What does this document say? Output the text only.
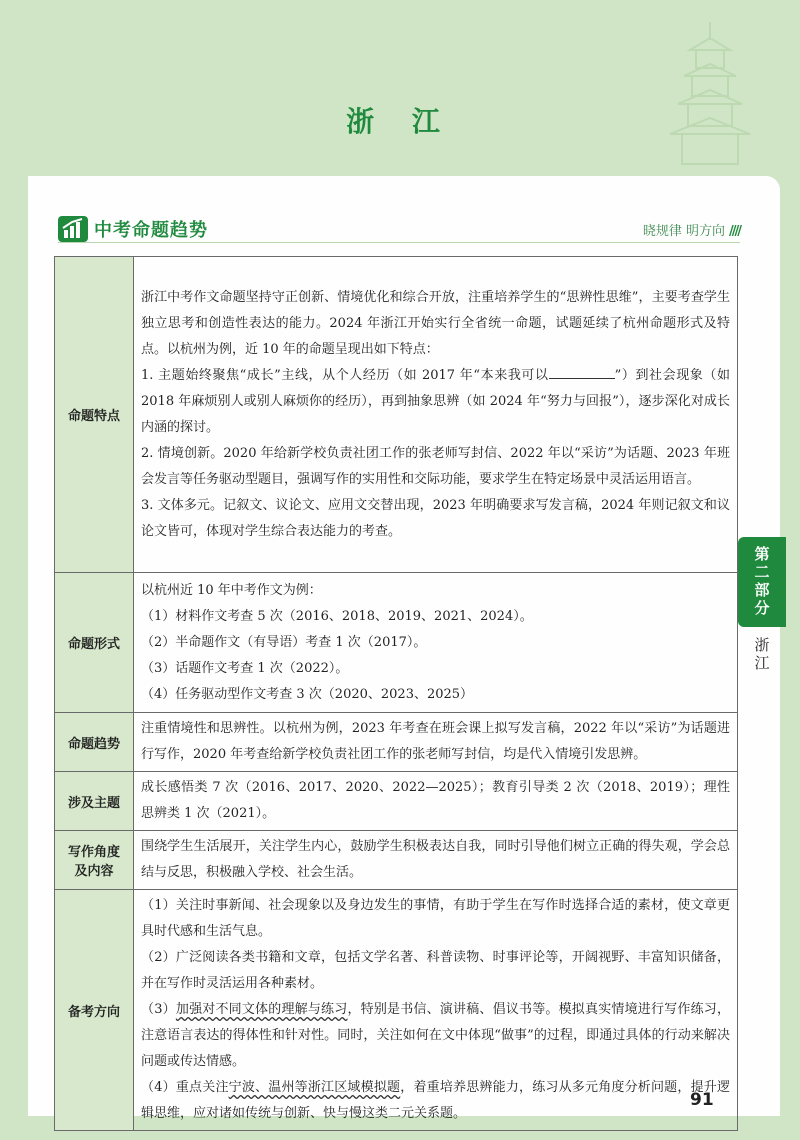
浙 江
中考命题趋势	晓规律 明方向 ////
命题特点	浙江中考作文命题坚持守正创新、情境优化和综合开放，注重培养学生的“思辨性思维”，主要考查学生独立思考和创造性表达的能力。2024 年浙江开始实行全省统一命题，试题延续了杭州命题形式及特点。以杭州为例，近 10 年的命题呈现出如下特点：

1. 主题始终聚焦“成长”主线，从个人经历（如 2017 年“本来我可以 ”）到社会现象（如 2018 年麻烦别人或别人麻烦你的经历），再到抽象思辨（如 2024 年“努力与回报”），逐步深化对成长内涵的探讨。

2. 情境创新。2020 年给新学校负责社团工作的张老师写封信、2022 年以“采访”为话题、2023 年班会发言等任务驱动型题目，强调写作的实用性和交际功能，要求学生在特定场景中灵活运用语言。

3. 文体多元。记叙文、议论文、应用文交替出现，2023 年明确要求写发言稿，2024 年则记叙文和议论文皆可，体现对学生综合表达能力的考查。

命题形式	以杭州近 10 年中考作文为例：

（1）材料作文考查 5 次（2016、2018、2019、2021、2024）。

（2）半命题作文（有导语）考查 1 次（2017）。

（3）话题作文考查 1 次（2022）。

（4）任务驱动型作文考查 3 次（2020、2023、2025）

命题趋势	注重情境性和思辨性。以杭州为例，2023 年考查在班会课上拟写发言稿，2022 年以“采访”为话题进行写作，2020 年考查给新学校负责社团工作的张老师写封信，均是代入情境引发思辨。

涉及主题	成长感悟类 7 次（2016、2017、2020、2022—2025）；教育引导类 2 次（2018、2019）；理性思辨类 1 次（2021）。

写作角度
及内容	围绕学生生活展开，关注学生内心，鼓励学生积极表达自我，同时引导他们树立正确的得失观，学会总结与反思，积极融入学校、社会生活。

备考方向	（1）关注时事新闻、社会现象以及身边发生的事情，有助于学生在写作时选择合适的素材，使文章更具时代感和生活气息。

（2）广泛阅读各类书籍和文章，包括文学名著、科普读物、时事评论等，开阔视野、丰富知识储备，并在写作时灵活运用各种素材。

（3）加强对不同文体的理解与练习，特别是书信、演讲稿、倡议书等。模拟真实情境进行写作练习，注意语言表达的得体性和针对性。同时，关注如何在文中体现“做事”的过程，即通过具体的行动来解决问题或传达情感。

（4）重点关注宁波、温州等浙江区域模拟题，着重培养思辨能力，练习从多元角度分析问题，提升逻辑思维，应对诸如传统与创新、快与慢这类二元关系题。

第二部分
浙江
91
